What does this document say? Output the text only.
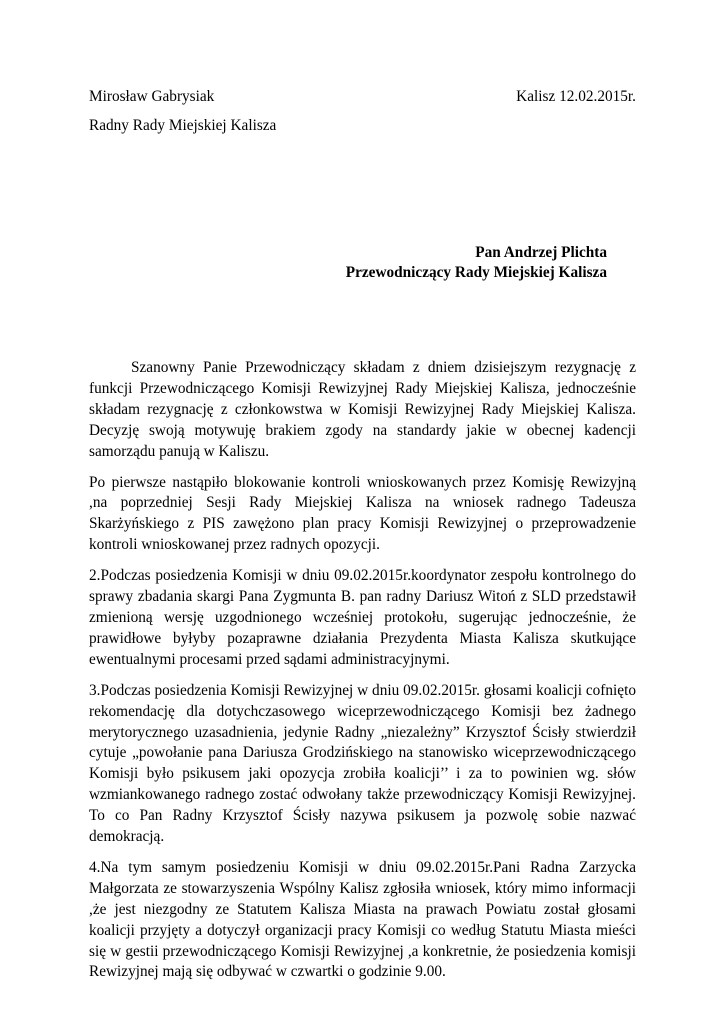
Mirosław Gabrysiak	Kalisz 12.02.2015r.
Radny Rady Miejskiej Kalisza
Pan Andrzej Plichta
Przewodniczący Rady Miejskiej Kalisza

Szanowny Panie Przewodniczący składam z dniem dzisiejszym rezygnację z funkcji Przewodniczącego Komisji Rewizyjnej Rady Miejskiej Kalisza, jednocześnie składam rezygnację z członkowstwa w Komisji Rewizyjnej Rady Miejskiej Kalisza. Decyzję swoją motywuję brakiem zgody na standardy jakie w obecnej kadencji samorządu panują w Kaliszu.

Po pierwsze nastąpiło blokowanie kontroli wnioskowanych przez Komisję Rewizyjną ,na poprzedniej Sesji Rady Miejskiej Kalisza na wniosek radnego Tadeusza Skarżyńskiego z PIS zawężono plan pracy Komisji Rewizyjnej o przeprowadzenie kontroli wnioskowanej przez radnych opozycji.

2.Podczas posiedzenia Komisji w dniu 09.02.2015r.koordynator zespołu kontrolnego do sprawy zbadania skargi Pana Zygmunta B. pan radny Dariusz Witoń z SLD przedstawił zmienioną wersję uzgodnionego wcześniej protokołu, sugerując jednocześnie, że prawidłowe byłyby pozaprawne działania Prezydenta Miasta Kalisza skutkujące ewentualnymi procesami przed sądami administracyjnymi.

3.Podczas posiedzenia Komisji Rewizyjnej w dniu 09.02.2015r. głosami koalicji cofnięto rekomendację dla dotychczasowego wiceprzewodniczącego Komisji bez żadnego merytorycznego uzasadnienia, jedynie Radny „niezależny” Krzysztof Ścisły stwierdził cytuje „powołanie pana Dariusza Grodzińskiego na stanowisko wiceprzewodniczącego Komisji było psikusem jaki opozycja zrobiła koalicji’’ i za to powinien wg. słów wzmiankowanego radnego zostać odwołany także przewodniczący Komisji Rewizyjnej. To co Pan Radny Krzysztof Ścisły nazywa psikusem ja pozwolę sobie nazwać demokracją.

4.Na tym samym posiedzeniu Komisji w dniu 09.02.2015r.Pani Radna Zarzycka Małgorzata ze stowarzyszenia Wspólny Kalisz zgłosiła wniosek, który mimo informacji ,że jest niezgodny ze Statutem Kalisza Miasta na prawach Powiatu został głosami koalicji przyjęty a dotyczył organizacji pracy Komisji co według Statutu Miasta mieści się w gestii przewodniczącego Komisji Rewizyjnej ,a konkretnie, że posiedzenia komisji Rewizyjnej mają się odbywać w czwartki o godzinie 9.00.
